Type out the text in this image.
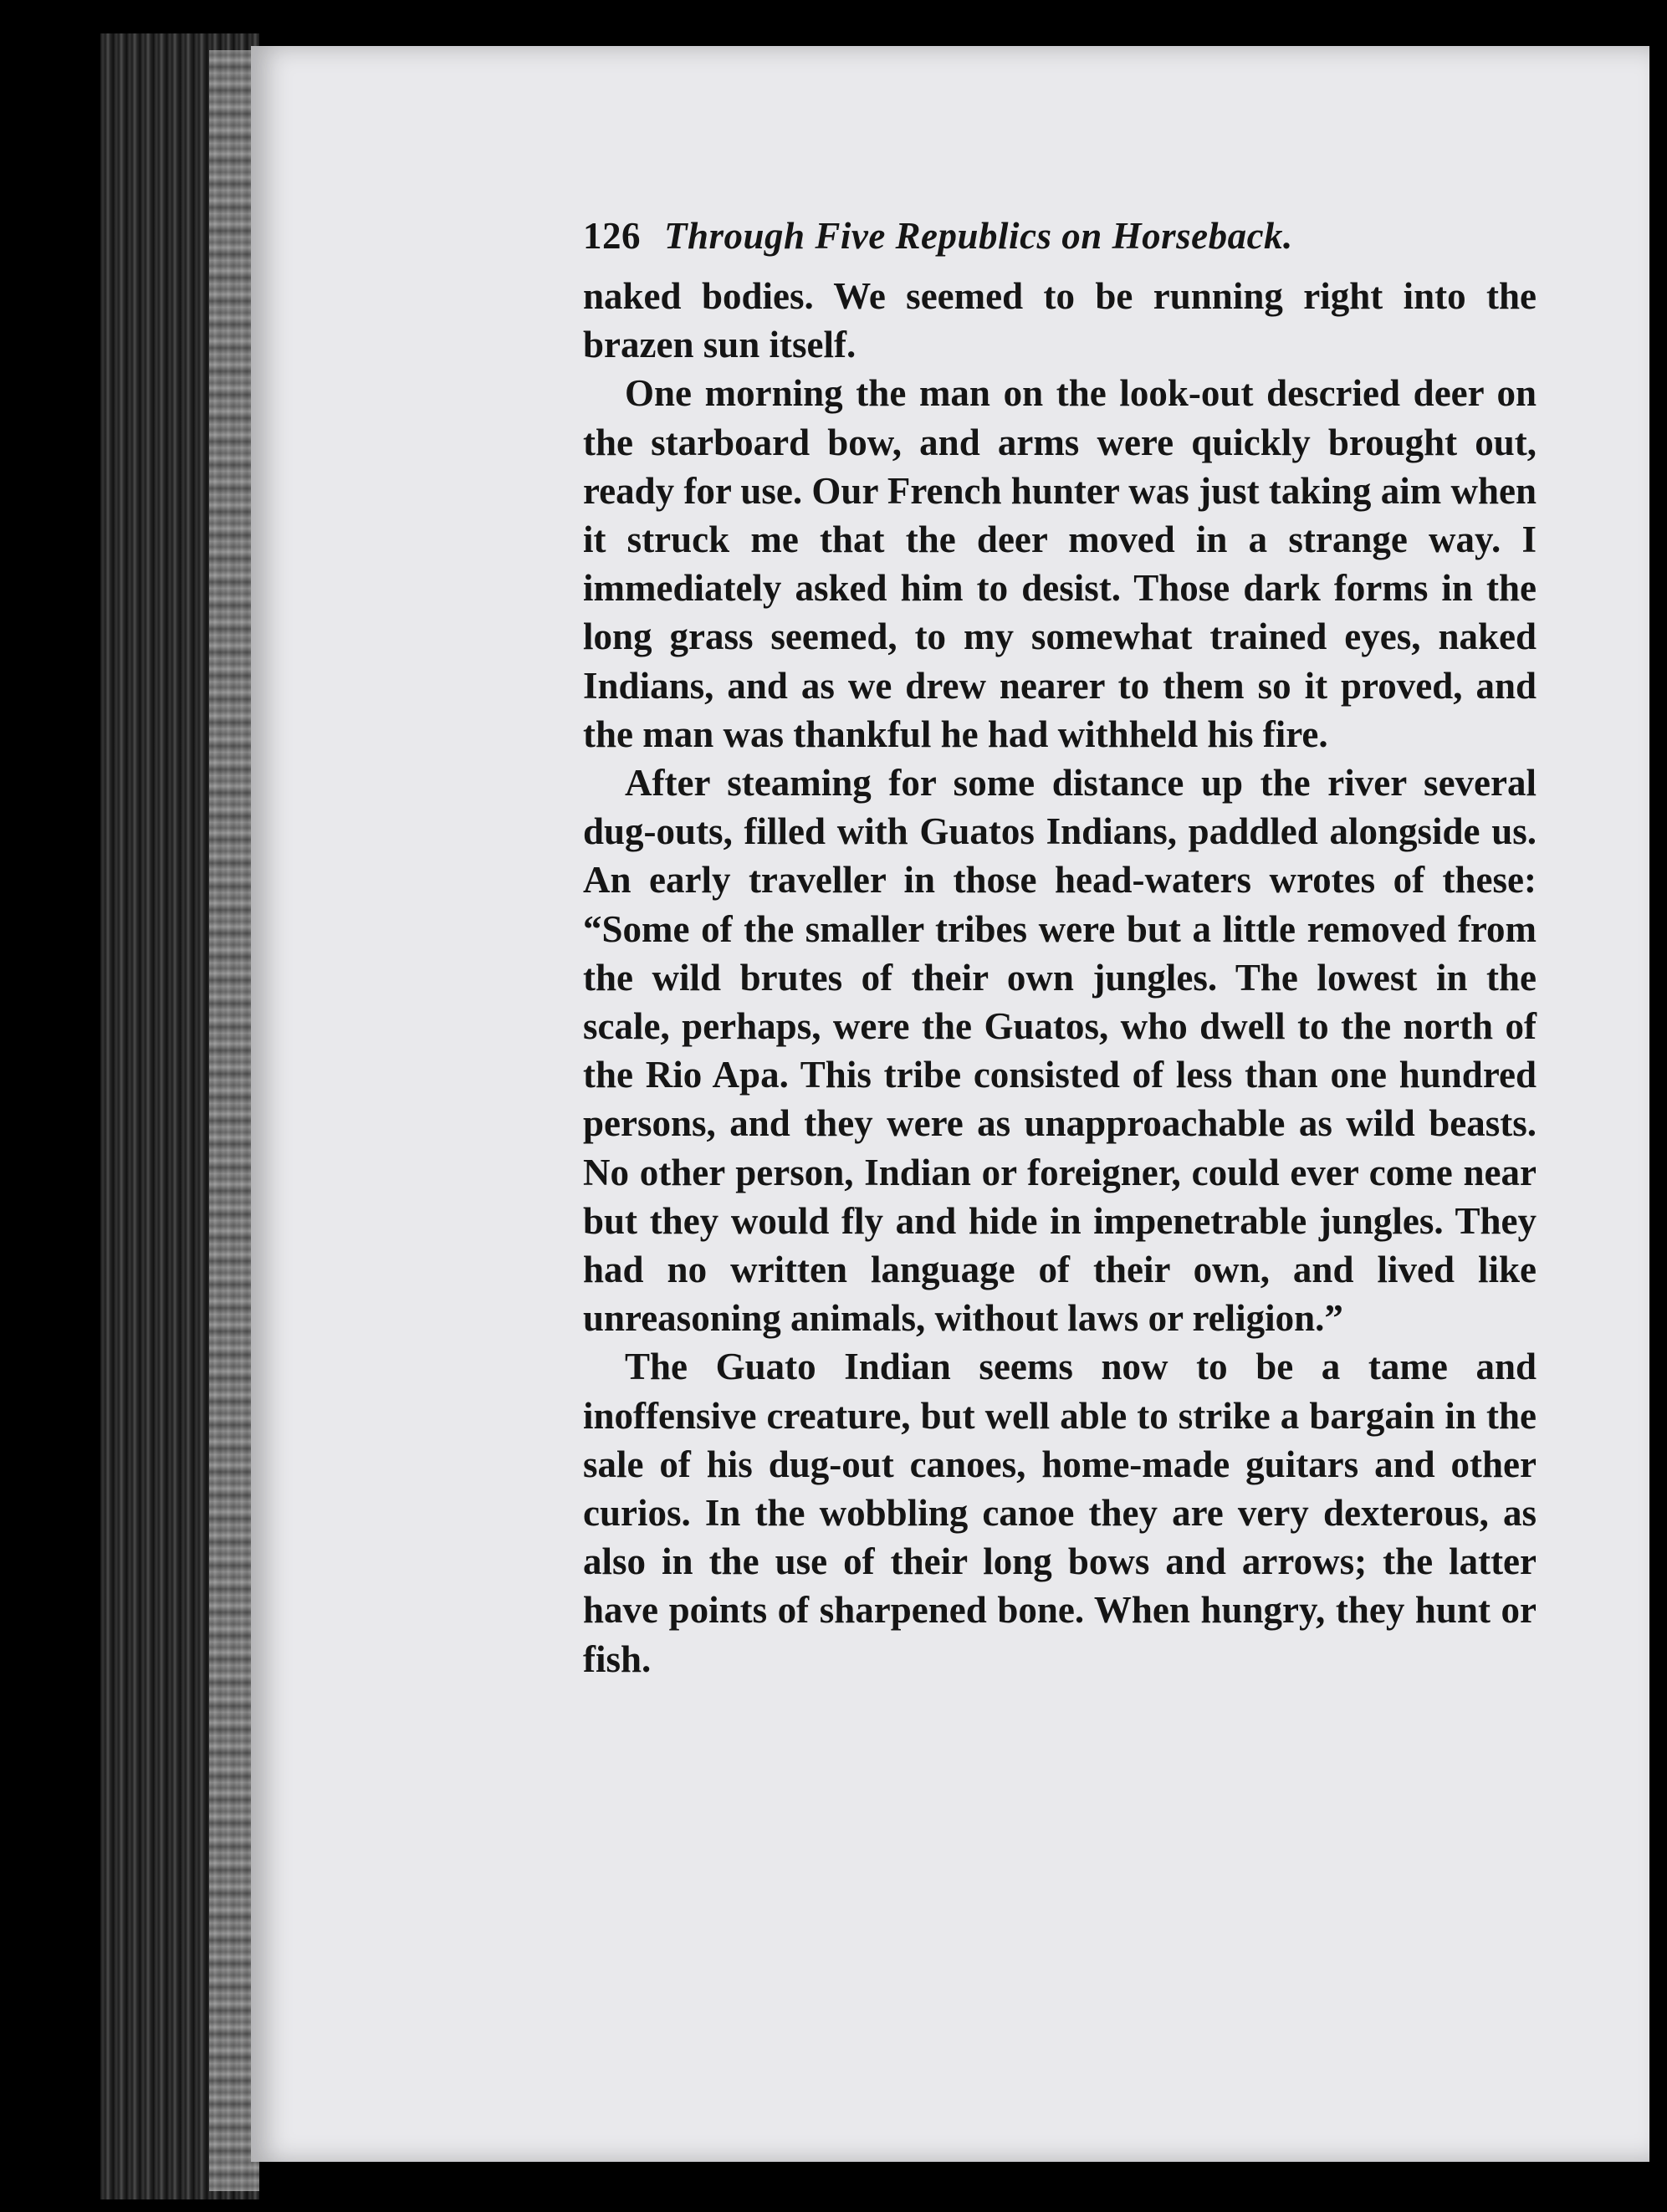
126 Through Five Republics on Horseback.

naked bodies. We seemed to be running right into the brazen sun itself.

One morning the man on the look-out descried deer on the starboard bow, and arms were quickly brought out, ready for use. Our French hunter was just taking aim when it struck me that the deer moved in a strange way. I immediately asked him to desist. Those dark forms in the long grass seemed, to my somewhat trained eyes, naked Indians, and as we drew nearer to them so it proved, and the man was thankful he had withheld his fire.

After steaming for some distance up the river several dug-outs, filled with Guatos Indians, paddled alongside us. An early traveller in those head-waters wrotes of these: “Some of the smaller tribes were but a little removed from the wild brutes of their own jungles. The lowest in the scale, perhaps, were the Guatos, who dwell to the north of the Rio Apa. This tribe consisted of less than one hundred persons, and they were as unapproachable as wild beasts. No other person, Indian or foreigner, could ever come near but they would fly and hide in impenetrable jungles. They had no written language of their own, and lived like unreasoning animals, without laws or religion.”

The Guato Indian seems now to be a tame and inoffensive creature, but well able to strike a bargain in the sale of his dug-out canoes, home-made guitars and other curios. In the wobbling canoe they are very dexterous, as also in the use of their long bows and arrows; the latter have points of sharpened bone. When hungry, they hunt or fish.
